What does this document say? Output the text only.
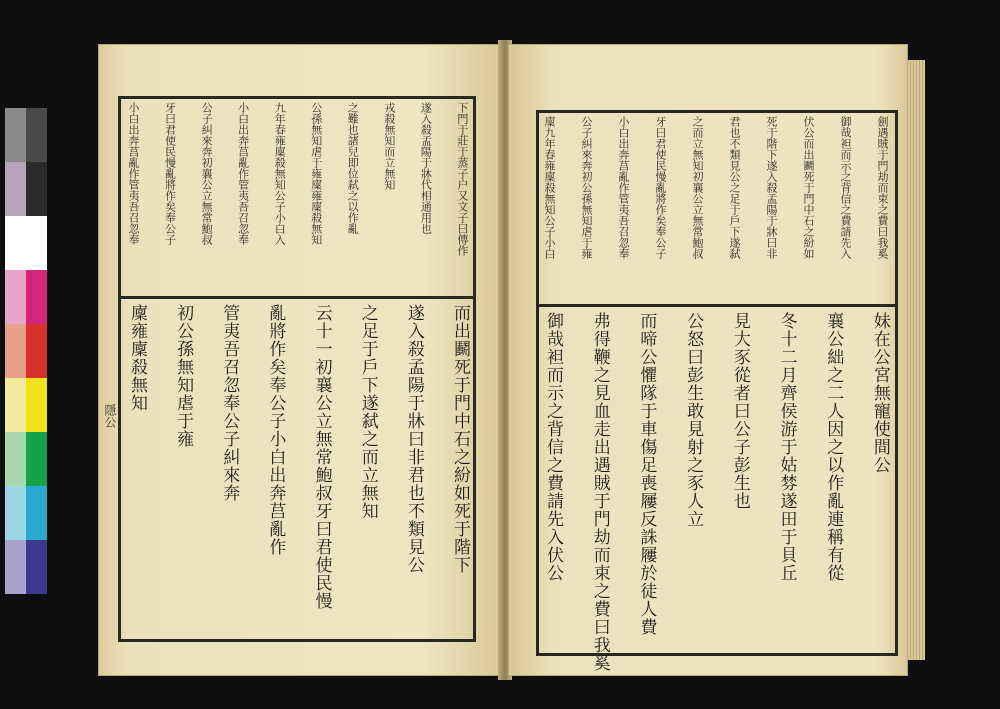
下門于莊于蒸子户又文子曰傳作
遂入殺孟陽于牀代相通用也
戎殺無知而立無知
之難也諸兒即位弑之以作亂
公孫無知虐于雍廩雍廩殺無知
九年春雍廩殺無知公子小白入
小白出奔莒亂作管夷吾召忽奉
公子糾來奔初襄公立無常鮑叔
牙曰君使民慢亂將作矣奉公子
小白出奔莒亂作管夷吾召忽奉
而出鬬死于門中石之紛如死于階下
遂入殺孟陽于牀曰非君也不類見公
之足于戶下遂弑之而立無知
云十一初襄公立無常鮑叔牙曰君使民慢
亂將作矣奉公子小白出奔莒亂作
管夷吾召忽奉公子糾來奔
初公孫無知虐于雍
廩雍廩殺無知
隱公
劍遇賊于門劫而束之費曰我奚
御哉袒而示之背信之費請先入
伏公而出鬬死于門中石之紛如
死于階下遂入殺孟陽于牀曰非
君也不類見公之足于戶下遂弑
之而立無知初襄公立無常鮑叔
牙曰君使民慢亂將作矣奉公子
小白出奔莒亂作管夷吾召忽奉
公子糾來奔初公孫無知虐于雍
廩九年春雍廩殺無知公子小白
妹在公宮無寵使間公
襄公絀之二人因之以作亂連稱有從
冬十二月齊侯游于姑棼遂田于貝丘
見大豕從者曰公子彭生也
公怒曰彭生敢見射之豕人立
而啼公懼隊于車傷足喪屨反誅屨於徒人費
弗得鞭之見血走出遇賊于門劫而束之費曰我奚
御哉袒而示之背信之費請先入伏公
